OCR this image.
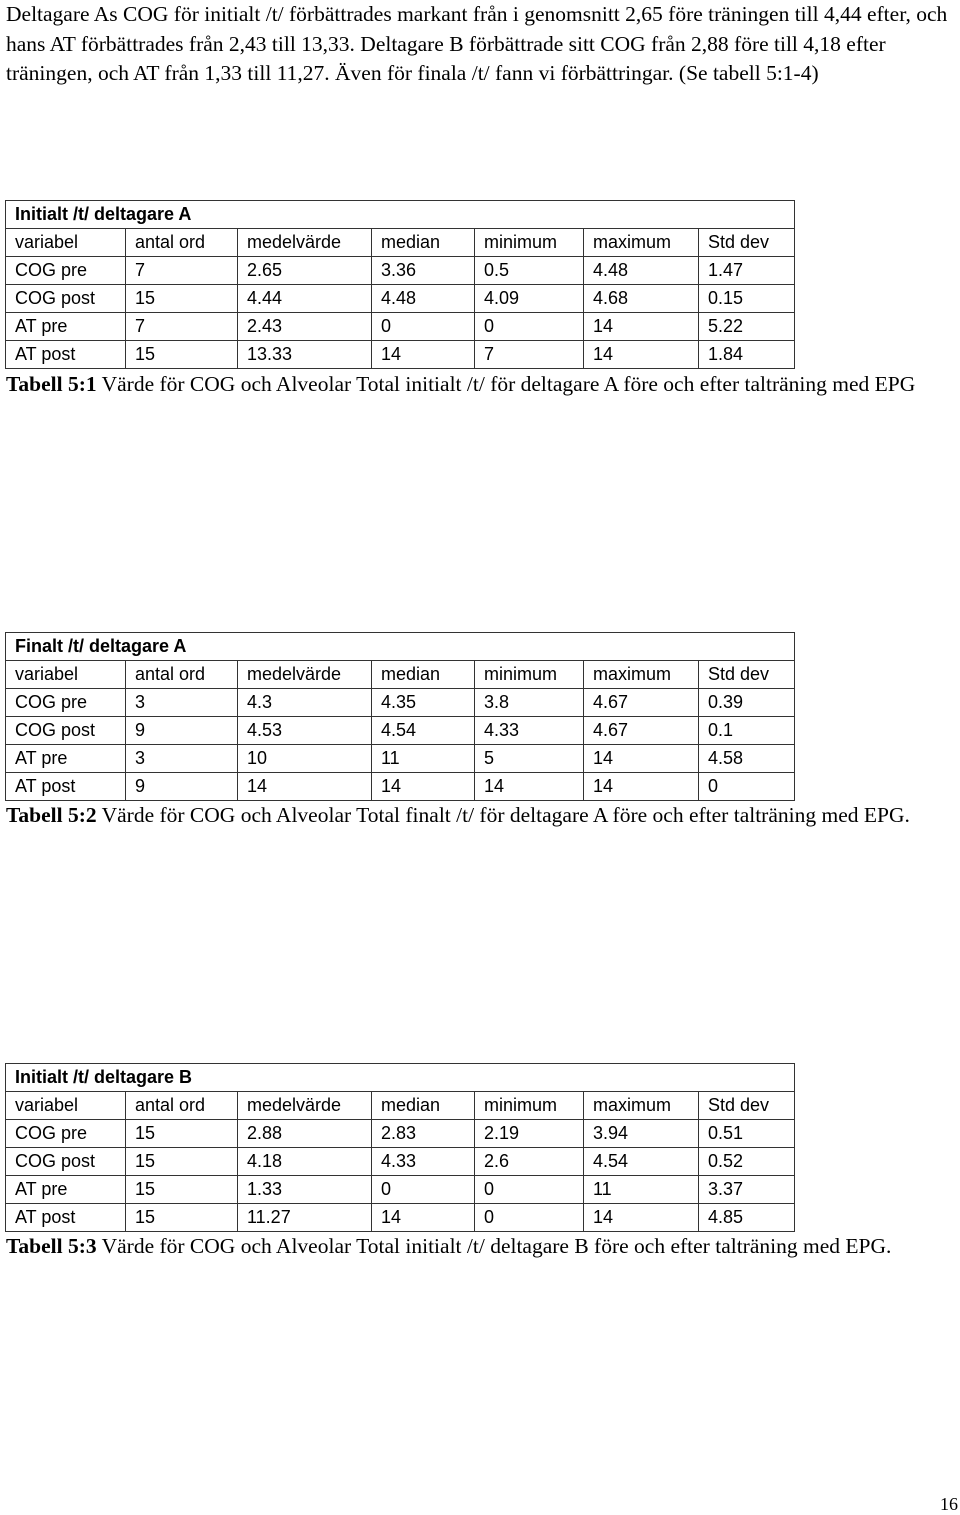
Deltagare As COG för initialt /t/ förbättrades markant från i genomsnitt 2,65 före träningen till 4,44 efter, och hans AT förbättrades från 2,43 till 13,33. Deltagare B förbättrade sitt COG från 2,88 före till 4,18 efter träningen, och AT från 1,33 till 11,27. Även för finala /t/ fann vi förbättringar. (Se tabell 5:1-4)

Initialt /t/ deltagare A						
variabel	antal ord	medelvärde	median	minimum	maximum	Std dev
COG pre	7	2.65	3.36	0.5	4.48	1.47
COG post	15	4.44	4.48	4.09	4.68	0.15
AT pre	7	2.43	0	0	14	5.22
AT post	15	13.33	14	7	14	1.84

Tabell 5:1 Värde för COG och Alveolar Total initialt /t/ för deltagare A före och efter talträning med EPG

Finalt /t/ deltagare A						
variabel	antal ord	medelvärde	median	minimum	maximum	Std dev
COG pre	3	4.3	4.35	3.8	4.67	0.39
COG post	9	4.53	4.54	4.33	4.67	0.1
AT pre	3	10	11	5	14	4.58
AT post	9	14	14	14	14	0

Tabell 5:2 Värde för COG och Alveolar Total finalt /t/ för deltagare A före och efter talträning med EPG.

Initialt /t/ deltagare B						
variabel	antal ord	medelvärde	median	minimum	maximum	Std dev
COG pre	15	2.88	2.83	2.19	3.94	0.51
COG post	15	4.18	4.33	2.6	4.54	0.52
AT pre	15	1.33	0	0	11	3.37
AT post	15	11.27	14	0	14	4.85

Tabell 5:3 Värde för COG och Alveolar Total initialt /t/ deltagare B före och efter talträning med EPG.

16
